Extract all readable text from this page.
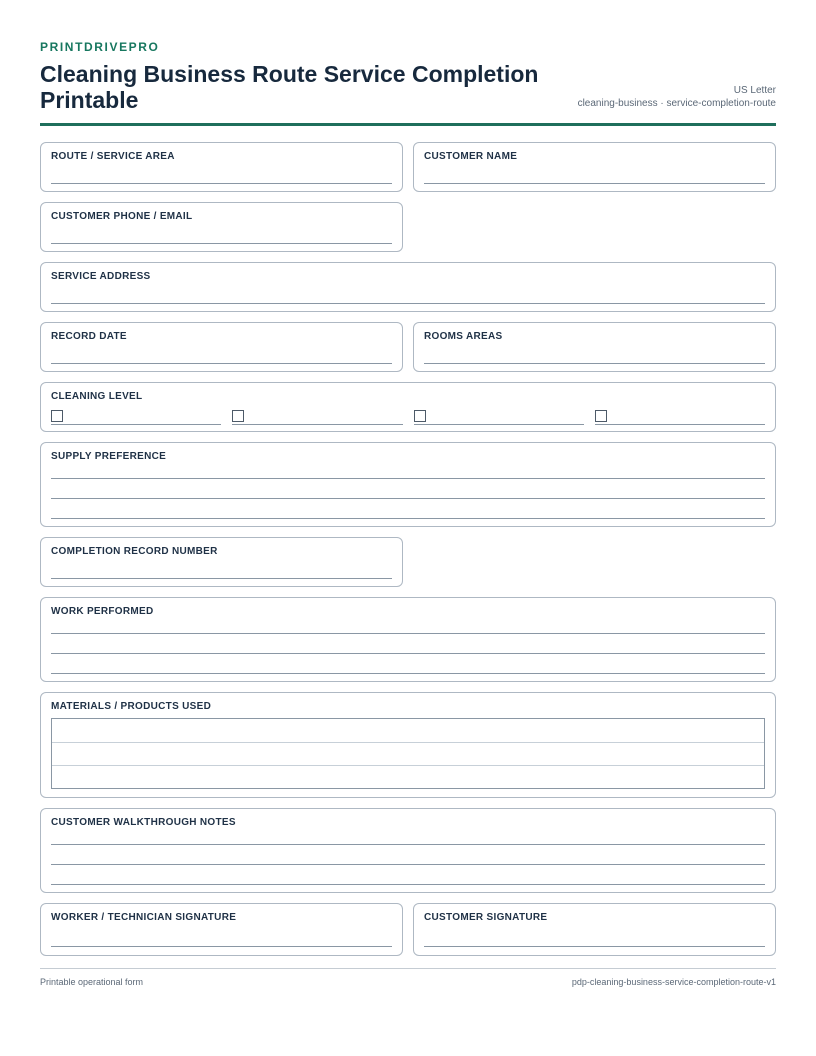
PRINTDRIVEPRO
Cleaning Business Route Service Completion Printable	US Letter
cleaning-business · service-completion-route
ROUTE / SERVICE AREA	CUSTOMER NAME
CUSTOMER PHONE / EMAIL
SERVICE ADDRESS
RECORD DATE	ROOMS AREAS
CLEANING LEVEL
SUPPLY PREFERENCE
COMPLETION RECORD NUMBER
WORK PERFORMED
MATERIALS / PRODUCTS USED
CUSTOMER WALKTHROUGH NOTES
WORKER / TECHNICIAN SIGNATURE	CUSTOMER SIGNATURE
Printable operational form	pdp-cleaning-business-service-completion-route-v1
